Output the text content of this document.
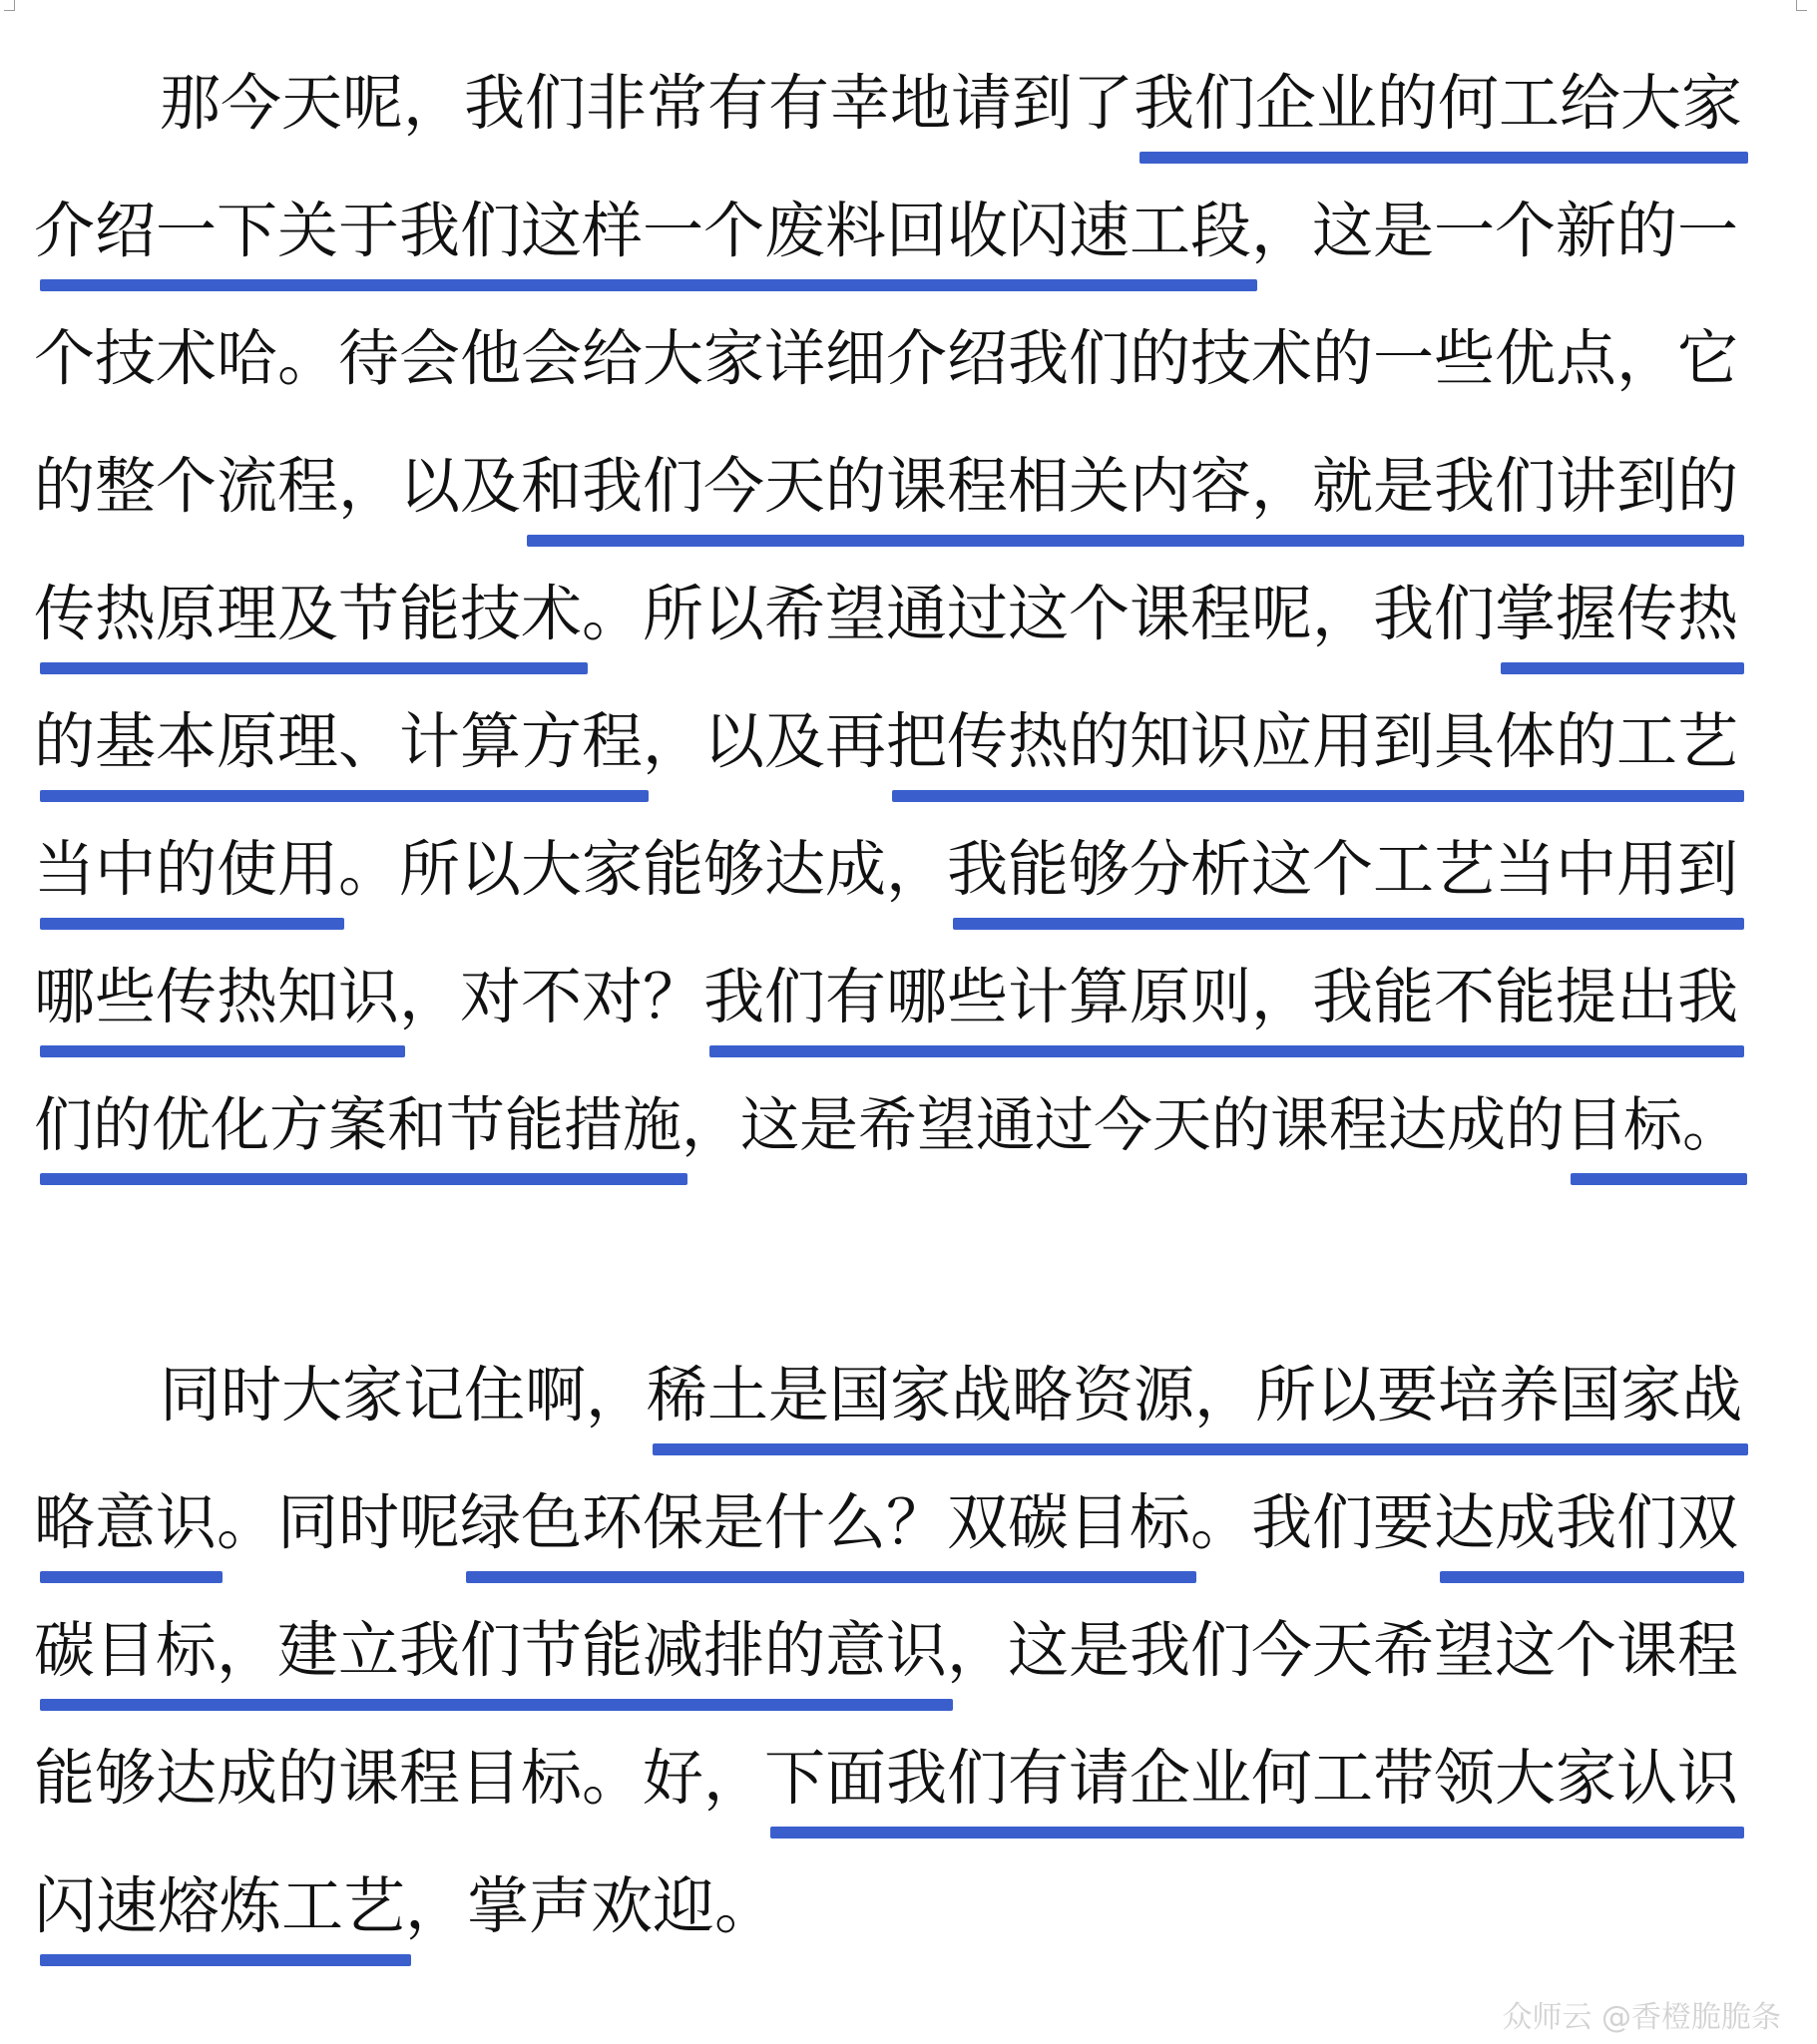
那今天呢，我们非常有有幸地请到了我们企业的何工给大家
介绍一下关于我们这样一个废料回收闪速工段，这是一个新的一
个技术哈。待会他会给大家详细介绍我们的技术的一些优点，它
的整个流程，以及和我们今天的课程相关内容，就是我们讲到的
传热原理及节能技术。所以希望通过这个课程呢，我们掌握传热
的基本原理、计算方程，以及再把传热的知识应用到具体的工艺
当中的使用。所以大家能够达成，我能够分析这个工艺当中用到
哪些传热知识，对不对？我们有哪些计算原则，我能不能提出我
们的优化方案和节能措施，这是希望通过今天的课程达成的目标。
同时大家记住啊，稀土是国家战略资源，所以要培养国家战
略意识。同时呢绿色环保是什么？双碳目标。我们要达成我们双
碳目标，建立我们节能减排的意识，这是我们今天希望这个课程
能够达成的课程目标。好，下面我们有请企业何工带领大家认识
闪速熔炼工艺，掌声欢迎。
众师云 @香橙脆脆条
